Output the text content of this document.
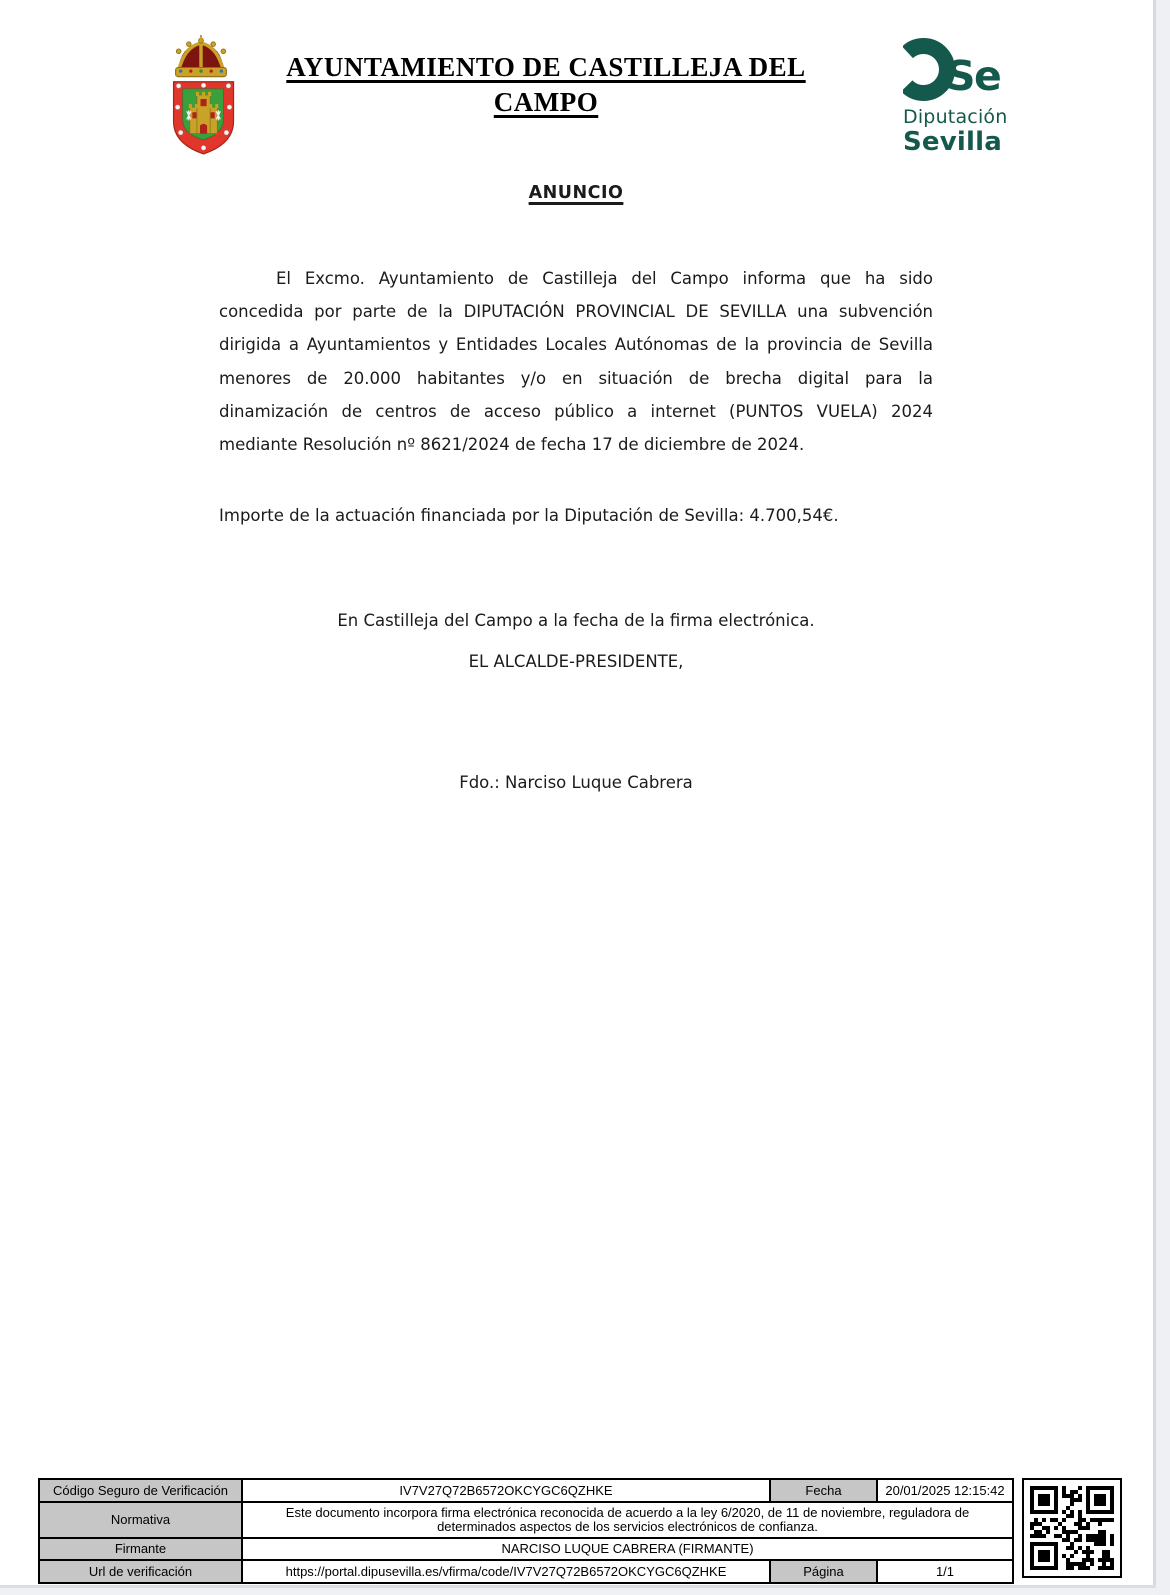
AYUNTAMIENTO DE CASTILLEJA DEL
CAMPO
Se
Diputación
Sevilla
ANUNCIO
El Excmo. Ayuntamiento de Castilleja del Campo informa que ha sido
concedida por parte de la DIPUTACIÓN PROVINCIAL DE SEVILLA una subvención
dirigida a Ayuntamientos y Entidades Locales Autónomas de la provincia de Sevilla
menores de 20.000 habitantes y/o en situación de brecha digital para la
dinamización de centros de acceso público a internet (PUNTOS VUELA) 2024
mediante Resolución nº 8621/2024 de fecha 17 de diciembre de 2024.
Importe de la actuación financiada por la Diputación de Sevilla: 4.700,54€.
En Castilleja del Campo a la fecha de la firma electrónica.
EL ALCALDE-PRESIDENTE,
Fdo.: Narciso Luque Cabrera
Código Seguro de Verificación	IV7V27Q72B6572OKCYGC6QZHKE	Fecha	20/01/2025 12:15:42
Normativa	Este documento incorpora firma electrónica reconocida de acuerdo a la ley 6/2020, de 11 de noviembre, reguladora de determinados aspectos de los servicios electrónicos de confianza.		
Firmante	NARCISO LUQUE CABRERA (FIRMANTE)		
Url de verificación	https://portal.dipusevilla.es/vfirma/code/IV7V27Q72B6572OKCYGC6QZHKE	Página	1/1
